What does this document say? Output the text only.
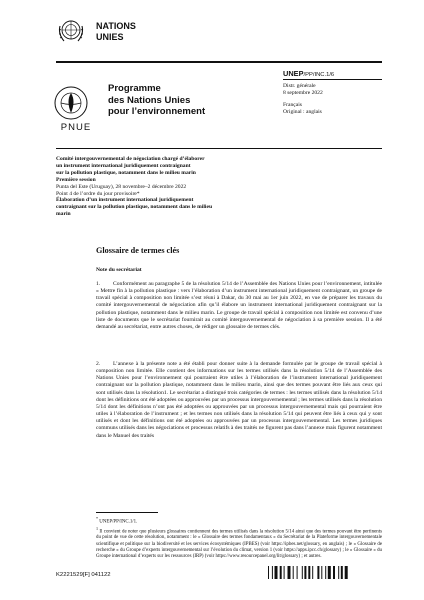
NATIONS
UNIES
PNUE
Programme
des Nations Unies
pour l’environnement
UNEP/PP/INC.1/6
Distr. générale
8 septembre 2022
Français
Original : anglais
Comité intergouvernemental de négociation chargé d’élaborer
un instrument international juridiquement contraignant
sur la pollution plastique, notamment dans le milieu marin
Première session
Punta del Este (Uruguay), 28 novembre–2 décembre 2022
Point 4 de l’ordre du jour provisoire*
Élaboration d’un instrument international juridiquement
contraignant sur la pollution plastique, notamment dans le milieu
marin
Glossaire de termes clés
Note du secrétariat

1. Conformément au paragraphe 5 de la résolution 5/14 de l’Assemblée des Nations Unies pour l’environnement, intitulée « Mettre fin à la pollution plastique : vers l’élaboration d’un instrument international juridiquement contraignant, un groupe de travail spécial à composition non limitée s’est réuni à Dakar, du 30 mai au 1er juin 2022, en vue de préparer les travaux du comité intergouvernemental de négociation afin qu’il élabore un instrument international juridiquement contraignant sur la pollution plastique, notamment dans le milieu marin. Le groupe de travail spécial à composition non limitée est convenu d’une liste de documents que le secrétariat fournirait au comité intergouvernemental de négociation à sa première session. Il a été demandé au secrétariat, entre autres choses, de rédiger un glossaire de termes clés.

2. L’annexe à la présente note a été établi pour donner suite à la demande formulée par le groupe de travail spécial à composition non limitée. Elle contient des informations sur les termes utilisés dans la résolution 5/14 de l’Assemblée des Nations Unies pour l’environnement qui pourraient être utiles à l’élaboration de l’instrument international juridiquement contraignant sur la pollution plastique, notamment dans le milieu marin, ainsi que des termes pouvant être liés aux ceux qui sont utilisés dans la résolution1. Le secrétariat a distingué trois catégories de termes : les termes utilisés dans la résolution 5/14 dont les définitions ont été adoptées ou approuvées par un processus intergouvernemental ; les termes utilisés dans la résolution 5/14 dont les définitions n’ont pas été adoptées ou approuvées par un processus intergouvernemental mais qui pourraient être utiles à l’élaboration de l’instrument ; et les termes non utilisés dans la résolution 5/14 qui peuvent être liés à ceux qui y sont utilisés et dont les définitions ont été adoptées ou approuvées par un processus intergouvernemental. Les termes juridiques communs utilisés dans les négociations et processus relatifs à des traités ne figurent pas dans l’annexe mais figurent notamment dans le Manuel des traités

* UNEP/PP/INC.1/1.

$^1$ Il convient de noter que plusieurs glossaires contiennent des termes utilisés dans la résolution 5/14 ainsi que des termes pouvant être pertinents du point de vue de cette résolution, notamment : le « Glossaire des termes fondamentaux » du Secrétariat de la Plateforme intergouvernementale scientifique et politique sur la biodiversité et les services écosystémiques (IPBES) (voir https://ipbes.net/glossary, en anglais) ; le « Glossaire de recherche » du Groupe d’experts intergouvernemental sur l’évolution du climat, version 1 (voir https://apps.ipcc.ch/glossary) ; le « Glossaire » du Groupe international d’experts sur les ressources (IRP) (voir https://www.resourcepanel.org/lit/glossary) ; et autres.

K2221529[F] 041122
